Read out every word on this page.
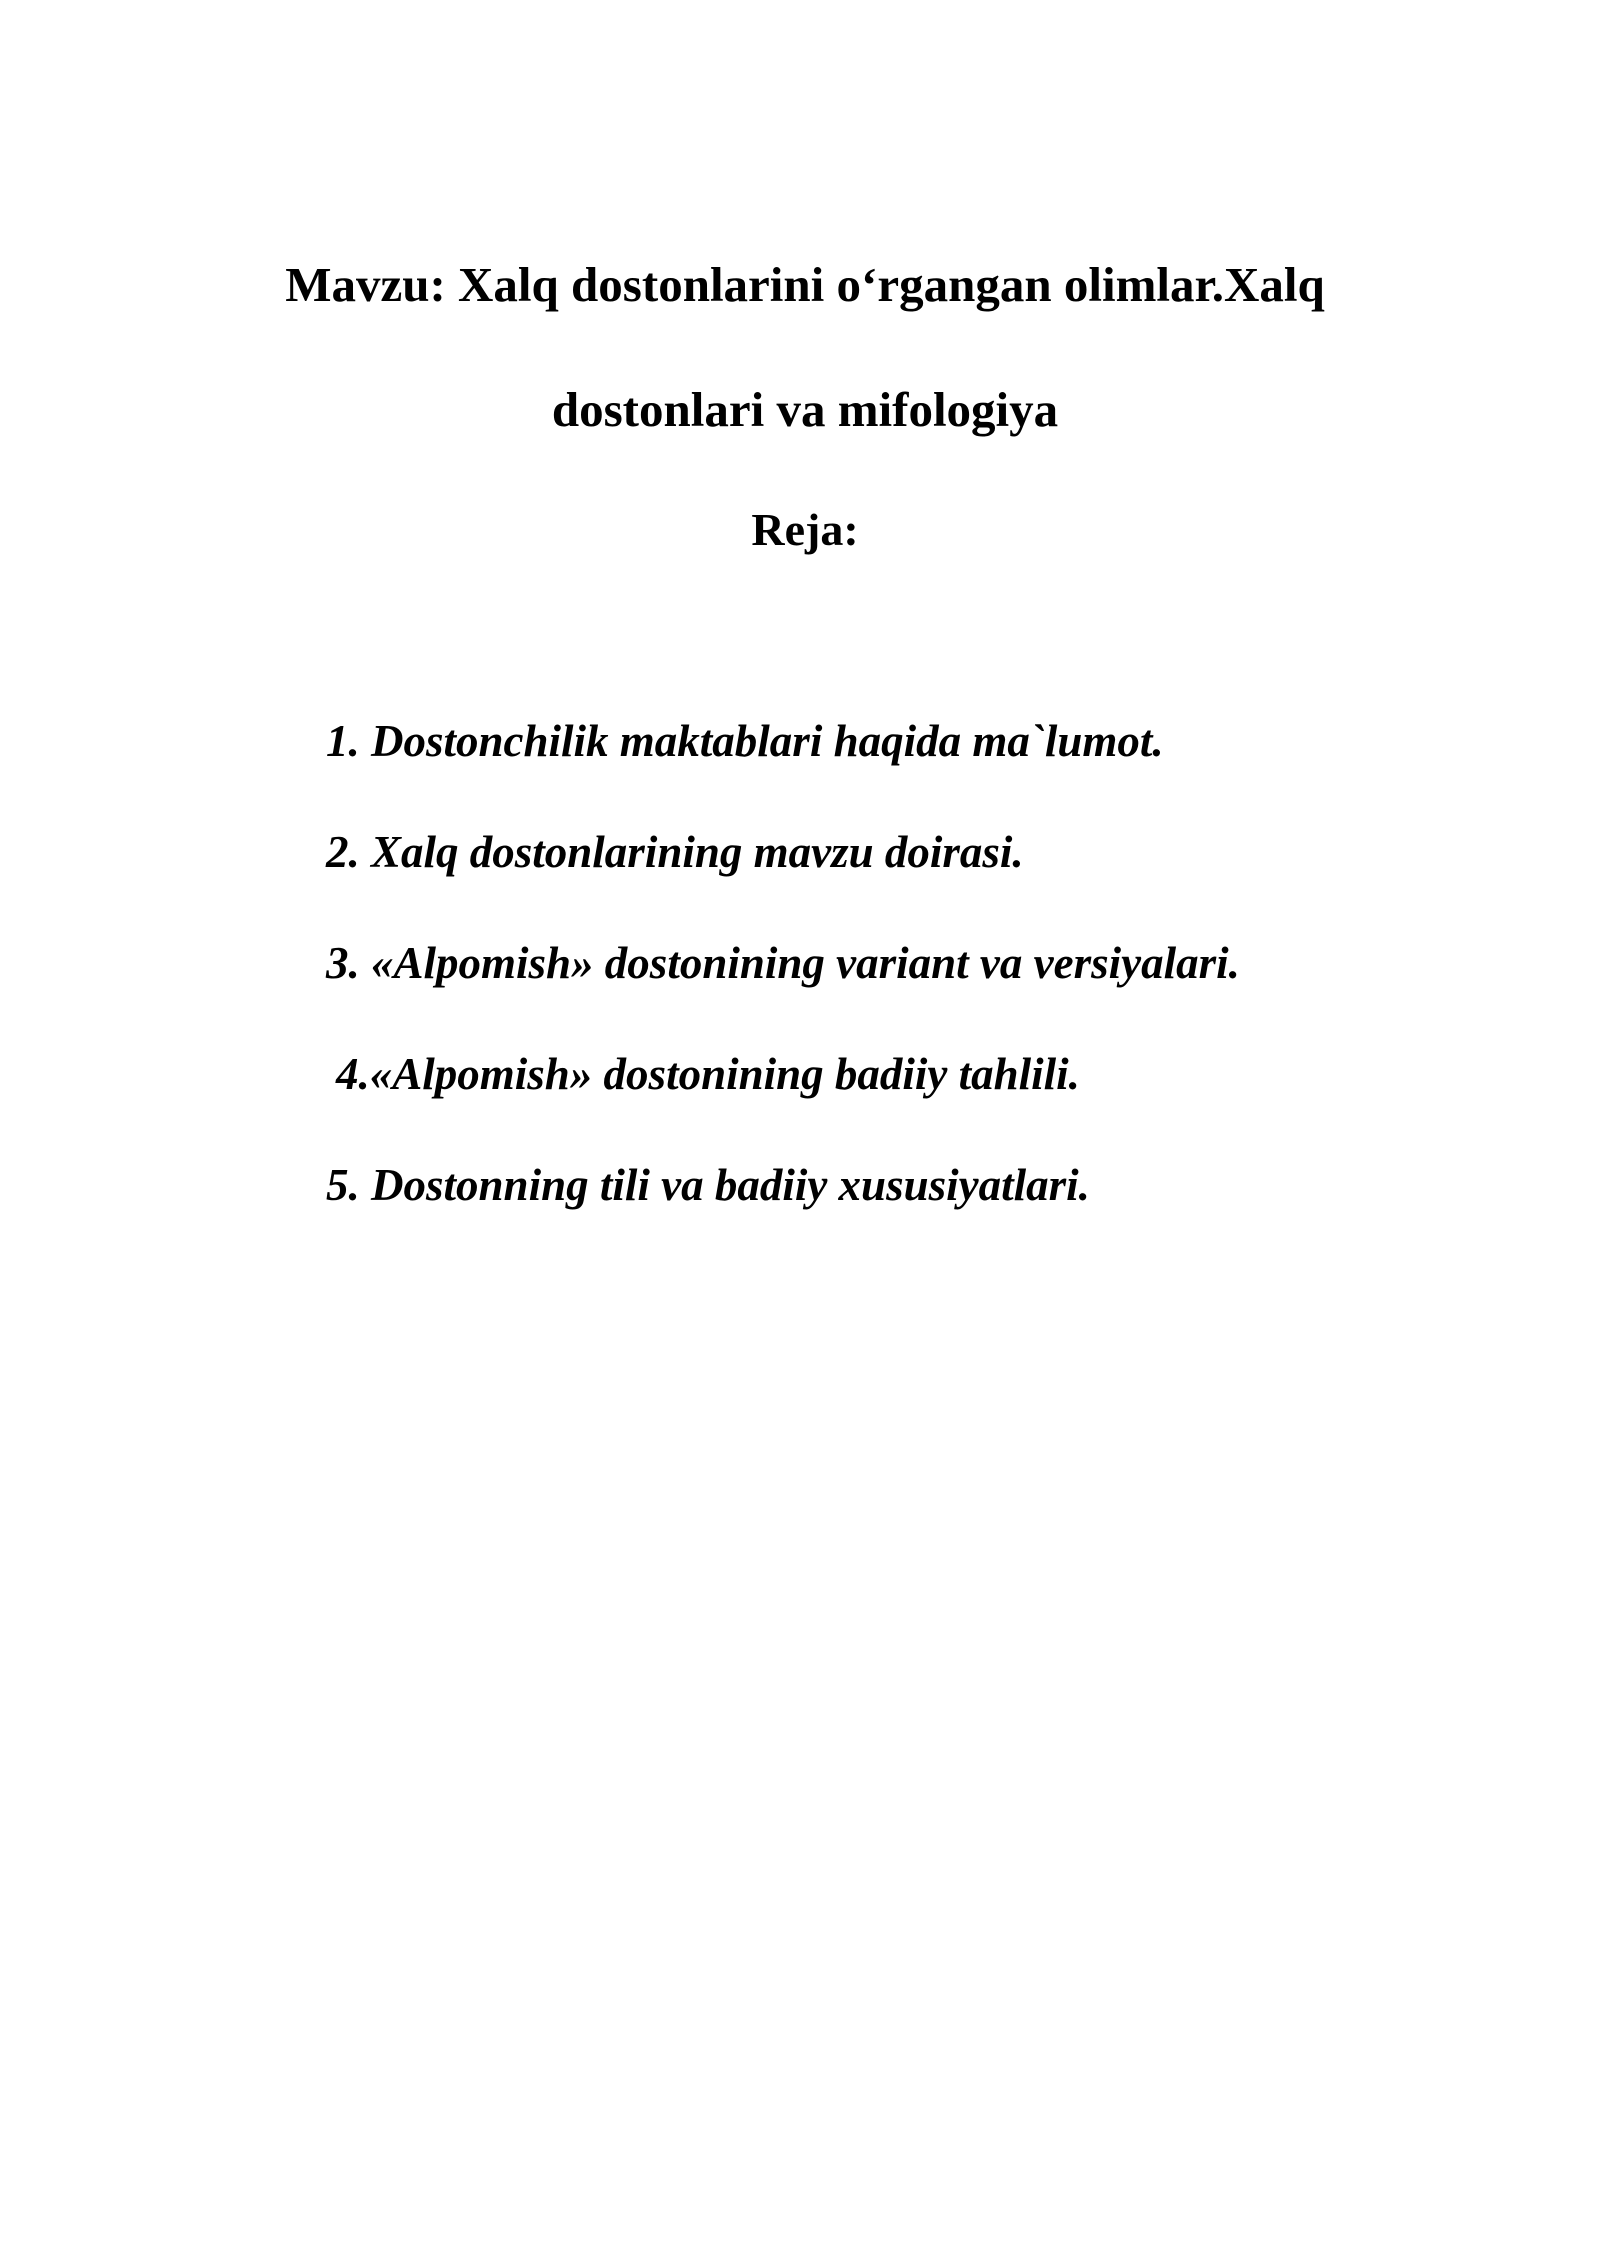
Mavzu: Xalq dostonlarini o‘rgangan olimlar.Xalq
dostonlari va mifologiya
Reja:
1. Dostonchilik maktablari haqida ma`lumot.
2. Xalq dostonlarining mavzu doirasi.
3. «Alpomish» dostonining variant va versiyalari.
4.«Alpomish» dostonining badiiy tahlili.
5. Dostonning tili va badiiy xususiyatlari.
